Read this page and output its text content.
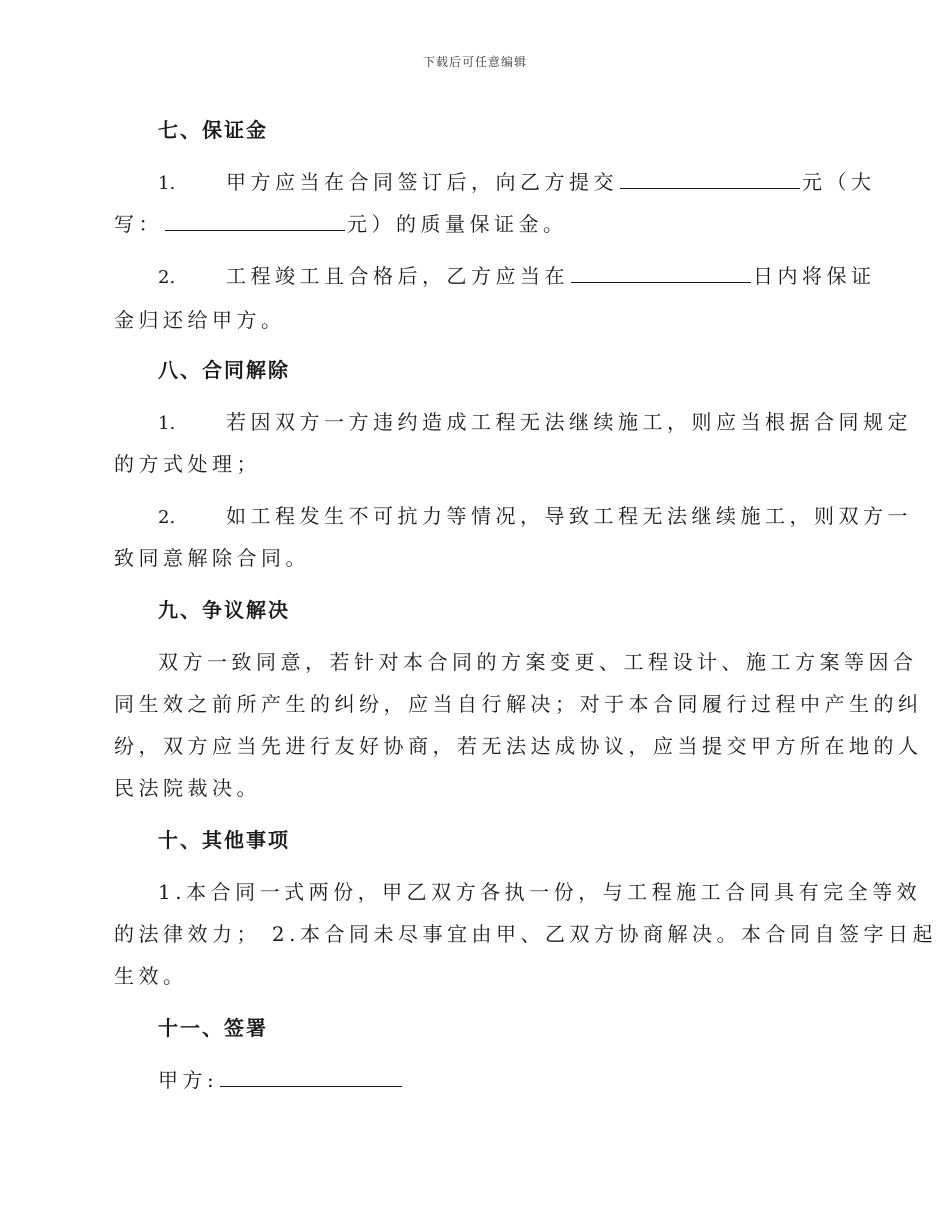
下载后可任意编辑
七、保证金
1.	甲方应当在合同签订后，向乙方提交	元（大
写：	元）的质量保证金。
2.	工程竣工且合格后，乙方应当在	日内将保证
金归还给甲方。
八、合同解除
1.	若因双方一方违约造成工程无法继续施工，则应当根据合同规定
的方式处理；
2.	如工程发生不可抗力等情况，导致工程无法继续施工，则双方一
致同意解除合同。
九、争议解决
双方一致同意，若针对本合同的方案变更、工程设计、施工方案等因合
同生效之前所产生的纠纷，应当自行解决；对于本合同履行过程中产生的纠
纷，双方应当先进行友好协商，若无法达成协议，应当提交甲方所在地的人
民法院裁决。
十、其他事项
1.本合同一式两份，甲乙双方各执一份，与工程施工合同具有完全等效
的法律效力； 2.本合同未尽事宜由甲、乙双方协商解决。本合同自签字日起
生效。
十一、签署
甲方:
